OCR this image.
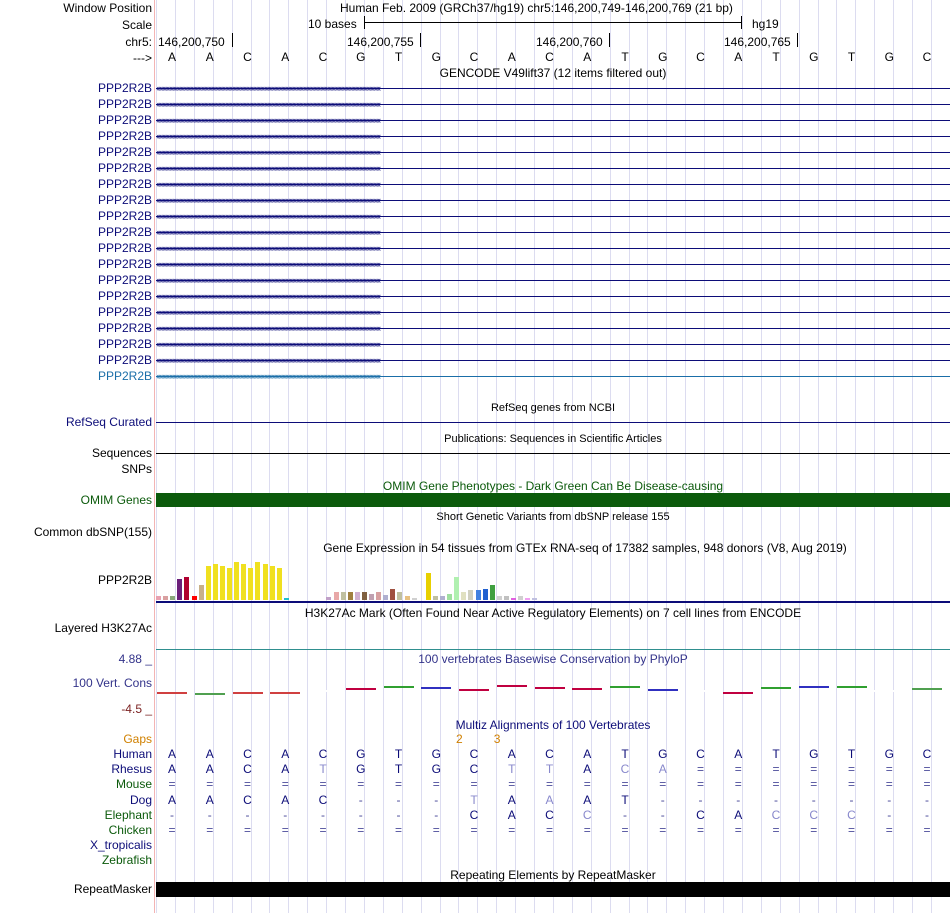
Window Position	Human Feb. 2009 (GRCh37/hg19) chr5:146,200,749-146,200,769 (21 bp)
Scale	10 bases	hg19
chr5: 146,200,750	146,200,755	146,200,760	146,200,765
--->	A	A	C	A	C	G	T	G	C	A	C	A	T	G	C	A	T	G	T	G	C
GENCODE V49lift37 (12 items filtered out)
PPP2R2B
PPP2R2B
PPP2R2B
PPP2R2B
PPP2R2B
PPP2R2B
PPP2R2B
PPP2R2B
PPP2R2B
PPP2R2B
PPP2R2B
PPP2R2B
PPP2R2B
PPP2R2B
PPP2R2B
PPP2R2B
PPP2R2B
PPP2R2B
PPP2R2B
RefSeq genes from NCBI
RefSeq Curated
Publications: Sequences in Scientific Articles
Sequences
SNPs
OMIM Gene Phenotypes - Dark Green Can Be Disease-causing
OMIM Genes
Short Genetic Variants from dbSNP release 155
Common dbSNP(155)
Gene Expression in 54 tissues from GTEx RNA-seq of 17382 samples, 948 donors (V8, Aug 2019)
PPP2R2B
H3K27Ac Mark (Often Found Near Active Regulatory Elements) on 7 cell lines from ENCODE
Layered H3K27Ac
100 vertebrates Basewise Conservation by PhyloP
4.88 _
100 Vert. Cons
-4.5 _
Multiz Alignments of 100 Vertebrates
Gaps	2	3
Human	A	A	C	A	C	G	T	G	C	A	C	A	T	G	C	A	T	G	T	G	C
Rhesus	A	A	C	A	T	G	T	G	C	T	T	A	C	A	=	=	=	=	=	=	=
Mouse	=	=	=	=	=	=	=	=	=	=	=	=	=	=	=	=	=	=	=	=	=
Dog	A	A	C	A	C	-	-	-	T	A	A	A	T	-	-	-	-	-	-	-	-
Elephant	-	-	-	-	-	-	-	-	C	A	C	C	-	-	C	A	C	C	C	-	-
Chicken	=	=	=	=	=	=	=	=	=	=	=	=	=	=	=	=	=	=	=	=	=
X_tropicalis
Zebrafish
Repeating Elements by RepeatMasker
RepeatMasker
